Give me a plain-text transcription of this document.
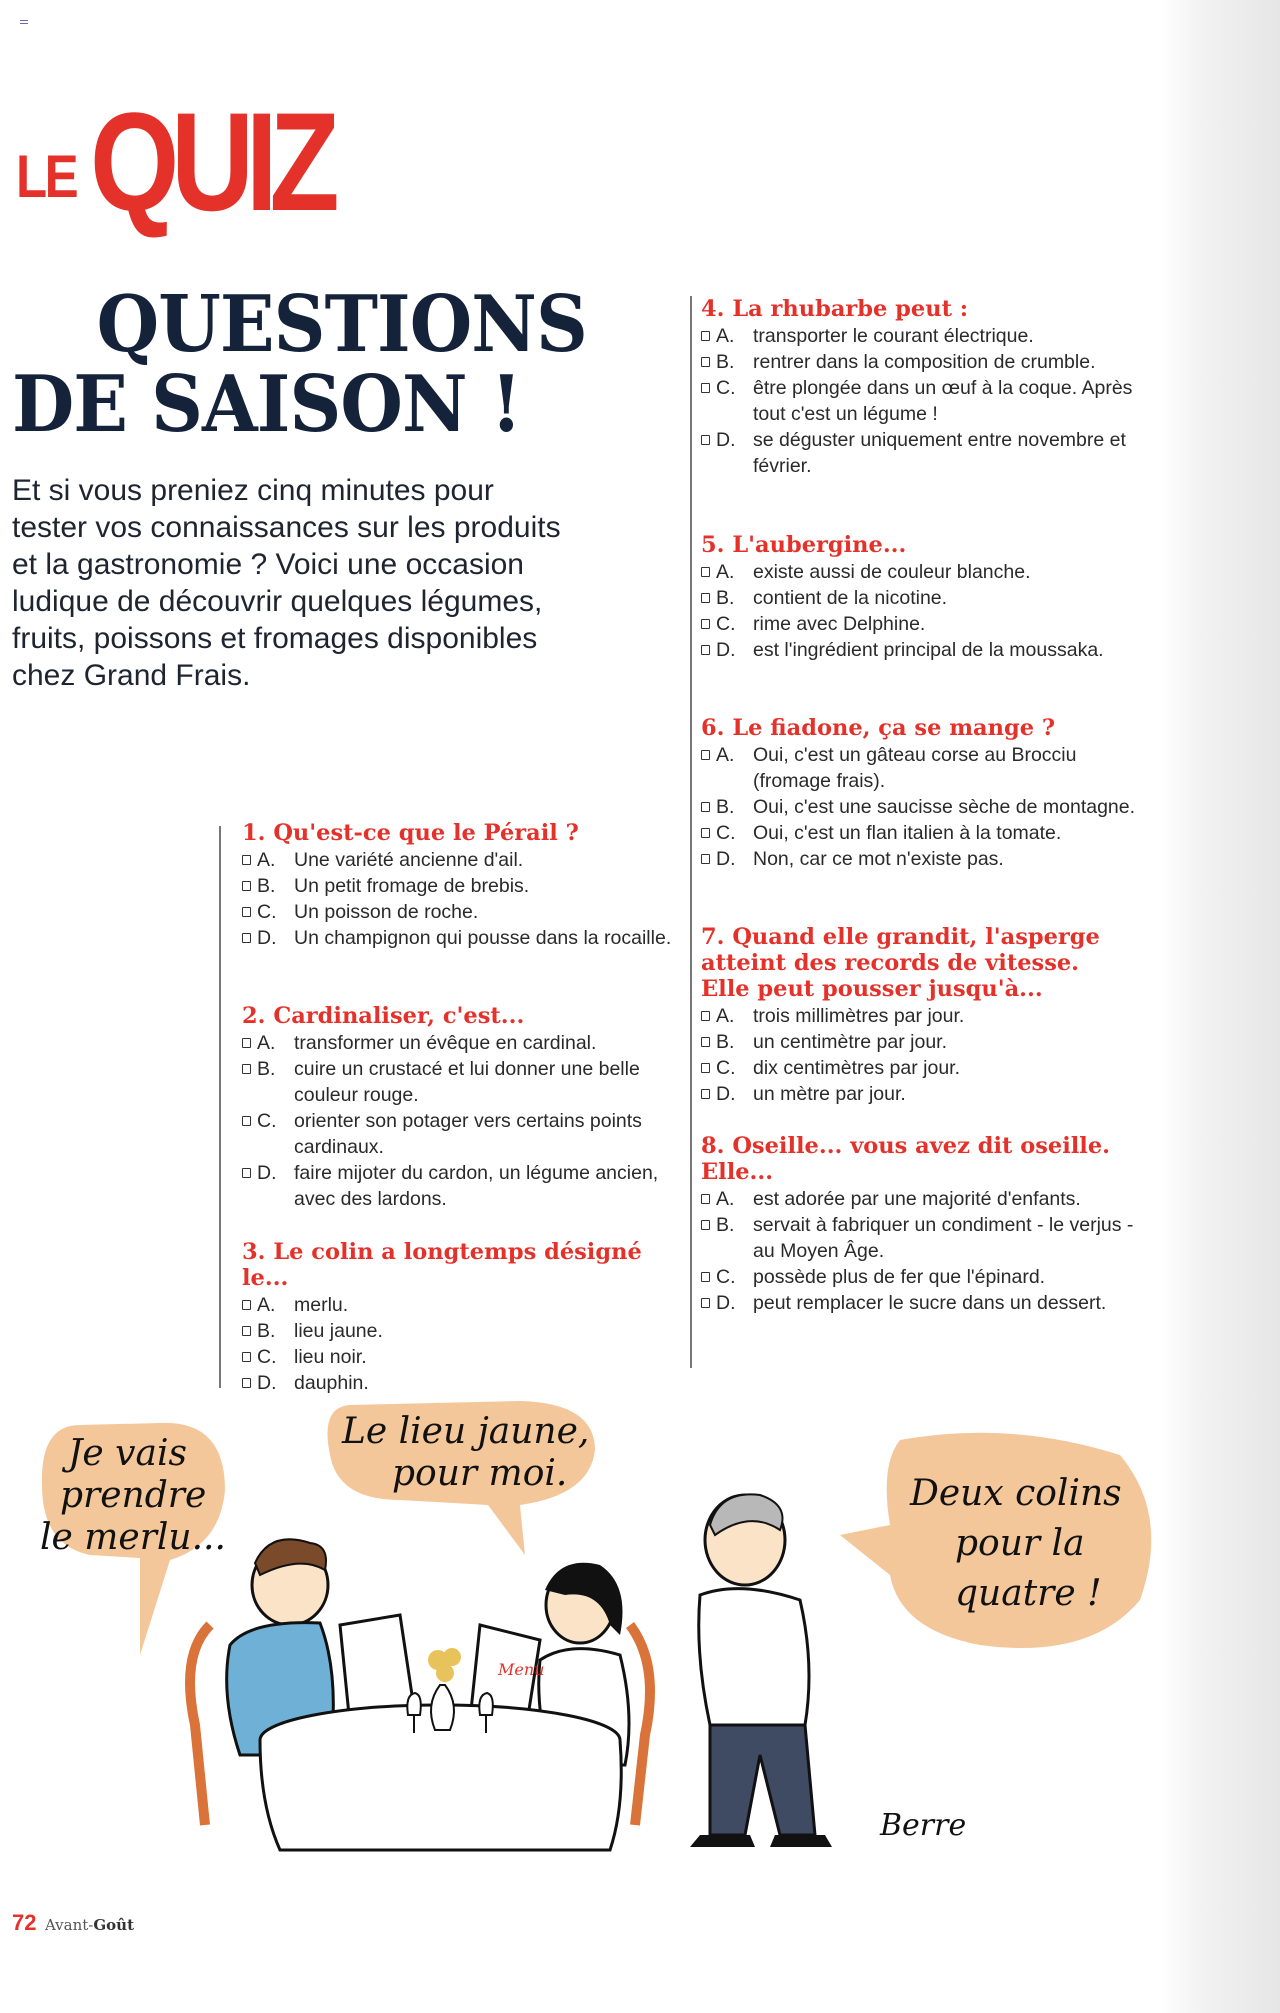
LE QUIZ
QUESTIONS
DE SAISON !
Et si vous preniez cinq minutes pour tester vos connaissances sur les produits et la gastronomie ? Voici une occasion ludique de découvrir quelques légumes, fruits, poissons et fromages disponibles chez Grand Frais.
1. Qu'est-ce que le Pérail ?
A. Une variété ancienne d'ail.
B. Un petit fromage de brebis.
C. Un poisson de roche.
D. Un champignon qui pousse dans la rocaille.
2. Cardinaliser, c'est...
A. transformer un évêque en cardinal.
B. cuire un crustacé et lui donner une belle couleur rouge.
C. orienter son potager vers certains points cardinaux.
D. faire mijoter du cardon, un légume ancien, avec des lardons.
3. Le colin a longtemps désigné le...
A. merlu.
B. lieu jaune.
C. lieu noir.
D. dauphin.
4. La rhubarbe peut :
A. transporter le courant électrique.
B. rentrer dans la composition de crumble.
C. être plongée dans un œuf à la coque. Après tout c'est un légume !
D. se déguster uniquement entre novembre et février.
5. L'aubergine...
A. existe aussi de couleur blanche.
B. contient de la nicotine.
C. rime avec Delphine.
D. est l'ingrédient principal de la moussaka.
6. Le fiadone, ça se mange ?
A. Oui, c'est un gâteau corse au Brocciu (fromage frais).
B. Oui, c'est une saucisse sèche de montagne.
C. Oui, c'est un flan italien à la tomate.
D. Non, car ce mot n'existe pas.
7. Quand elle grandit, l'asperge atteint des records de vitesse. Elle peut pousser jusqu'à...
A. trois millimètres par jour.
B. un centimètre par jour.
C. dix centimètres par jour.
D. un mètre par jour.
8. Oseille... vous avez dit oseille. Elle...
A. est adorée par une majorité d'enfants.
B. servait à fabriquer un condiment - le verjus - au Moyen Âge.
C. possède plus de fer que l'épinard.
D. peut remplacer le sucre dans un dessert.
Je vais
prendre
le merlu...
Le lieu jaune,
pour moi.	Deux colins
pour la
quatre !
Menu
Berre
72 Avant-Goût
